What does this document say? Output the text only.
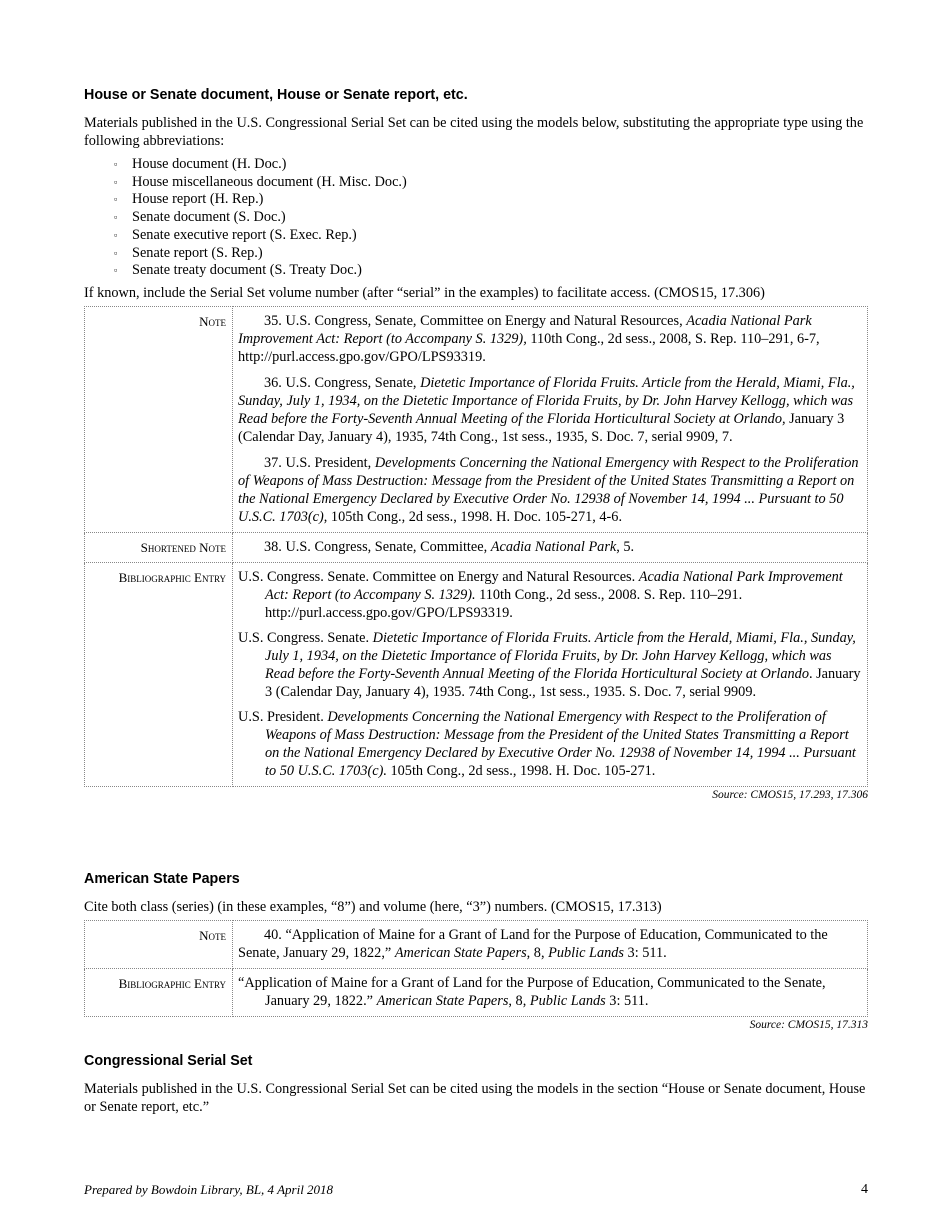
House or Senate document, House or Senate report, etc.

Materials published in the U.S. Congressional Serial Set can be cited using the models below, substituting the appropriate type using the following abbreviations:

▫ House document (H. Doc.)
▫ House miscellaneous document (H. Misc. Doc.)
▫ House report (H. Rep.)
▫ Senate document (S. Doc.)
▫ Senate executive report (S. Exec. Rep.)
▫ Senate report (S. Rep.)
▫ Senate treaty document (S. Treaty Doc.)

If known, include the Serial Set volume number (after “serial” in the examples) to facilitate access. (CMOS15, 17.306)

Note	35. U.S. Congress, Senate, Committee on Energy and Natural Resources, Acadia National Park Improvement Act: Report (to Accompany S. 1329), 110th Cong., 2d sess., 2008, S. Rep. 110–291, 6-7, http://purl.access.gpo.gov/GPO/LPS93319.

36. U.S. Congress, Senate, Dietetic Importance of Florida Fruits. Article from the Herald, Miami, Fla., Sunday, July 1, 1934, on the Dietetic Importance of Florida Fruits, by Dr. John Harvey Kellogg, which was Read before the Forty-Seventh Annual Meeting of the Florida Horticultural Society at Orlando, January 3 (Calendar Day, January 4), 1935, 74th Cong., 1st sess., 1935, S. Doc. 7, serial 9909, 7.

37. U.S. President, Developments Concerning the National Emergency with Respect to the Proliferation of Weapons of Mass Destruction: Message from the President of the United States Transmitting a Report on the National Emergency Declared by Executive Order No. 12938 of November 14, 1994 ... Pursuant to 50 U.S.C. 1703(c), 105th Cong., 2d sess., 1998. H. Doc. 105-271, 4-6.

Shortened Note	38. U.S. Congress, Senate, Committee, Acadia National Park, 5.

Bibliographic Entry	U.S. Congress. Senate. Committee on Energy and Natural Resources. Acadia National Park Improvement Act: Report (to Accompany S. 1329). 110th Cong., 2d sess., 2008. S. Rep. 110–291. http://purl.access.gpo.gov/GPO/LPS93319.

U.S. Congress. Senate. Dietetic Importance of Florida Fruits. Article from the Herald, Miami, Fla., Sunday, July 1, 1934, on the Dietetic Importance of Florida Fruits, by Dr. John Harvey Kellogg, which was Read before the Forty-Seventh Annual Meeting of the Florida Horticultural Society at Orlando. January 3 (Calendar Day, January 4), 1935. 74th Cong., 1st sess., 1935. S. Doc. 7, serial 9909.

U.S. President. Developments Concerning the National Emergency with Respect to the Proliferation of Weapons of Mass Destruction: Message from the President of the United States Transmitting a Report on the National Emergency Declared by Executive Order No. 12938 of November 14, 1994 ... Pursuant to 50 U.S.C. 1703(c). 105th Cong., 2d sess., 1998. H. Doc. 105-271.

Source: CMOS15, 17.293, 17.306
American State Papers

Cite both class (series) (in these examples, “8”) and volume (here, “3”) numbers. (CMOS15, 17.313)

Note	40. “Application of Maine for a Grant of Land for the Purpose of Education, Communicated to the Senate, January 29, 1822,” American State Papers, 8, Public Lands 3: 511.

Bibliographic Entry	“Application of Maine for a Grant of Land for the Purpose of Education, Communicated to the Senate, January 29, 1822.” American State Papers, 8, Public Lands 3: 511.

Source: CMOS15, 17.313
Congressional Serial Set

Materials published in the U.S. Congressional Serial Set can be cited using the models in the section “House or Senate document, House or Senate report, etc.”

Prepared by Bowdoin Library, BL, 4 April 2018	4
